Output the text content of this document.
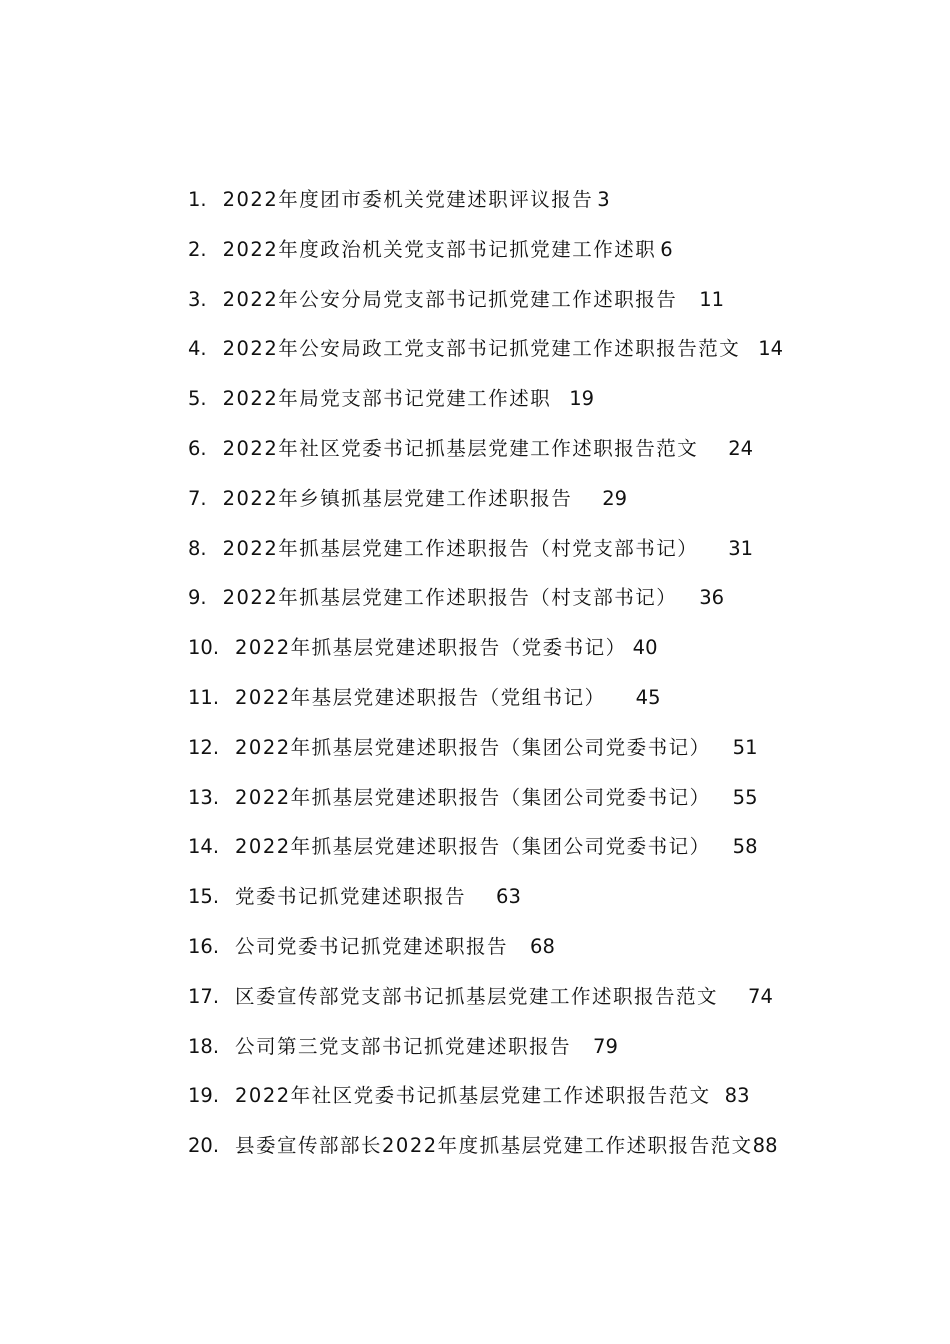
1. 2022年度团市委机关党建述职评议报告 3
2. 2022年度政治机关党支部书记抓党建工作述职 6
3. 2022年公安分局党支部书记抓党建工作述职报告 11
4. 2022年公安局政工党支部书记抓党建工作述职报告范文 14
5. 2022年局党支部书记党建工作述职 19
6. 2022年社区党委书记抓基层党建工作述职报告范文 24
7. 2022年乡镇抓基层党建工作述职报告 29
8. 2022年抓基层党建工作述职报告（村党支部书记） 31
9. 2022年抓基层党建工作述职报告（村支部书记） 36
10. 2022年抓基层党建述职报告（党委书记） 40
11. 2022年基层党建述职报告（党组书记） 45
12. 2022年抓基层党建述职报告（集团公司党委书记） 51
13. 2022年抓基层党建述职报告（集团公司党委书记） 55
14. 2022年抓基层党建述职报告（集团公司党委书记） 58
15. 党委书记抓党建述职报告 63
16. 公司党委书记抓党建述职报告 68
17. 区委宣传部党支部书记抓基层党建工作述职报告范文 74
18. 公司第三党支部书记抓党建述职报告 79
19. 2022年社区党委书记抓基层党建工作述职报告范文 83
20. 县委宣传部部长2022年度抓基层党建工作述职报告范文 88
